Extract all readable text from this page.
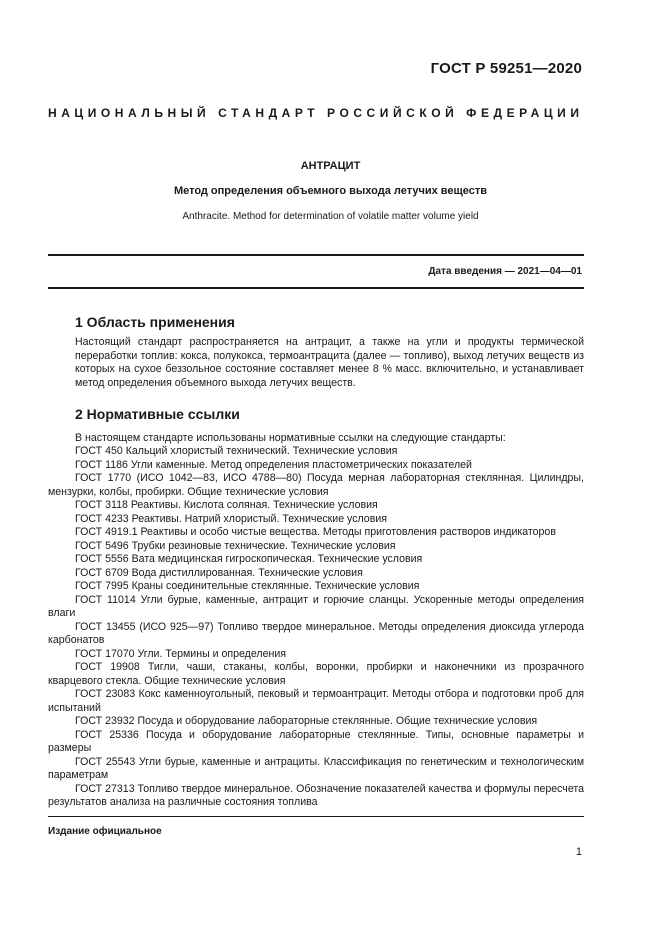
ГОСТ Р 59251—2020
НАЦИОНАЛЬНЫЙ СТАНДАРТ РОССИЙСКОЙ ФЕДЕРАЦИИ
АНТРАЦИТ
Метод определения объемного выхода летучих веществ
Anthracite. Method for determination of volatile matter volume yield
Дата введения — 2021—04—01
1 Область применения
Настоящий стандарт распространяется на антрацит, а также на угли и продукты термической переработки топлив: кокса, полукокса, термоантрацита (далее — топливо), выход летучих веществ из которых на сухое беззольное состояние составляет менее 8 % масс. включительно, и устанавливает метод определения объемного выхода летучих веществ.
2 Нормативные ссылки
В настоящем стандарте использованы нормативные ссылки на следующие стандарты:
ГОСТ 450 Кальций хлористый технический. Технические условия
ГОСТ 1186 Угли каменные. Метод определения пластометрических показателей
ГОСТ 1770 (ИСО 1042—83, ИСО 4788—80) Посуда мерная лабораторная стеклянная. Цилиндры, мензурки, колбы, пробирки. Общие технические условия
ГОСТ 3118 Реактивы. Кислота соляная. Технические условия
ГОСТ 4233 Реактивы. Натрий хлористый. Технические условия
ГОСТ 4919.1 Реактивы и особо чистые вещества. Методы приготовления растворов индикаторов
ГОСТ 5496 Трубки резиновые технические. Технические условия
ГОСТ 5556 Вата медицинская гигроскопическая. Технические условия
ГОСТ 6709 Вода дистиллированная. Технические условия
ГОСТ 7995 Краны соединительные стеклянные. Технические условия
ГОСТ 11014 Угли бурые, каменные, антрацит и горючие сланцы. Ускоренные методы определения влаги
ГОСТ 13455 (ИСО 925—97) Топливо твердое минеральное. Методы определения диоксида углерода карбонатов
ГОСТ 17070 Угли. Термины и определения
ГОСТ 19908 Тигли, чаши, стаканы, колбы, воронки, пробирки и наконечники из прозрачного кварцевого стекла. Общие технические условия
ГОСТ 23083 Кокс каменноугольный, пековый и термоантрацит. Методы отбора и подготовки проб для испытаний
ГОСТ 23932 Посуда и оборудование лабораторные стеклянные. Общие технические условия
ГОСТ 25336 Посуда и оборудование лабораторные стеклянные. Типы, основные параметры и размеры
ГОСТ 25543 Угли бурые, каменные и антрациты. Классификация по генетическим и технологическим параметрам
ГОСТ 27313 Топливо твердое минеральное. Обозначение показателей качества и формулы пересчета результатов анализа на различные состояния топлива
Издание официальное
1
